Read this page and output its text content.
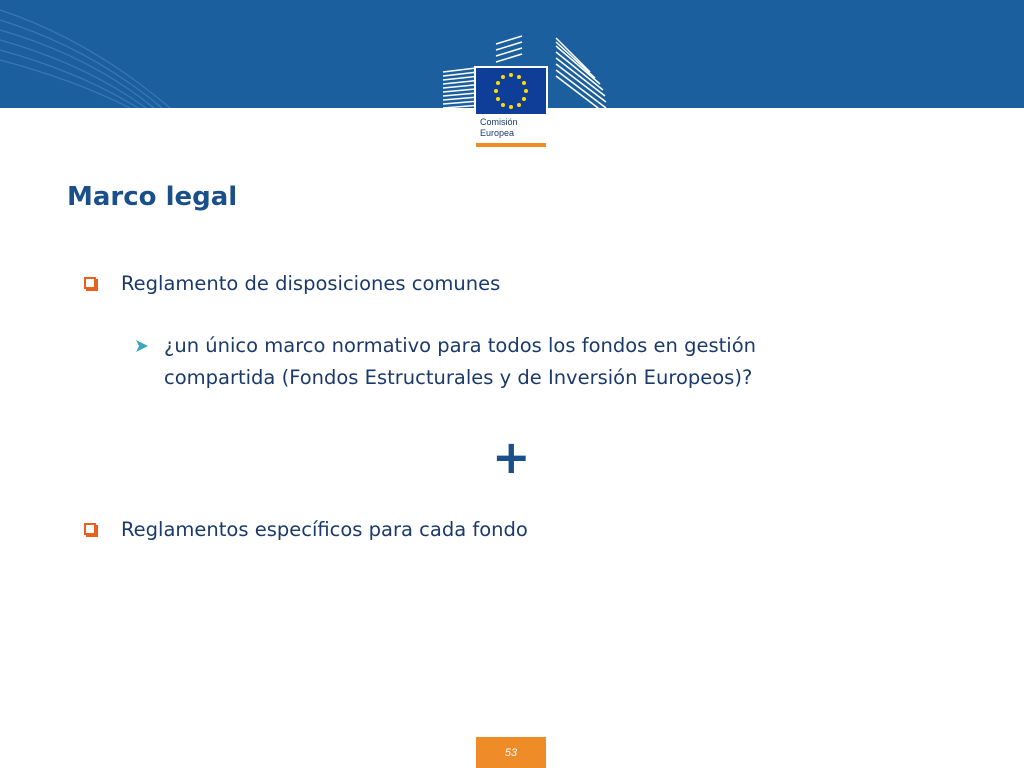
Comisión
Europea
Marco legal
Reglamento de disposiciones comunes
¿un único marco normativo para todos los fondos en gestión compartida (Fondos Estructurales y de Inversión Europeos)?
+
Reglamentos específicos para cada fondo
53
